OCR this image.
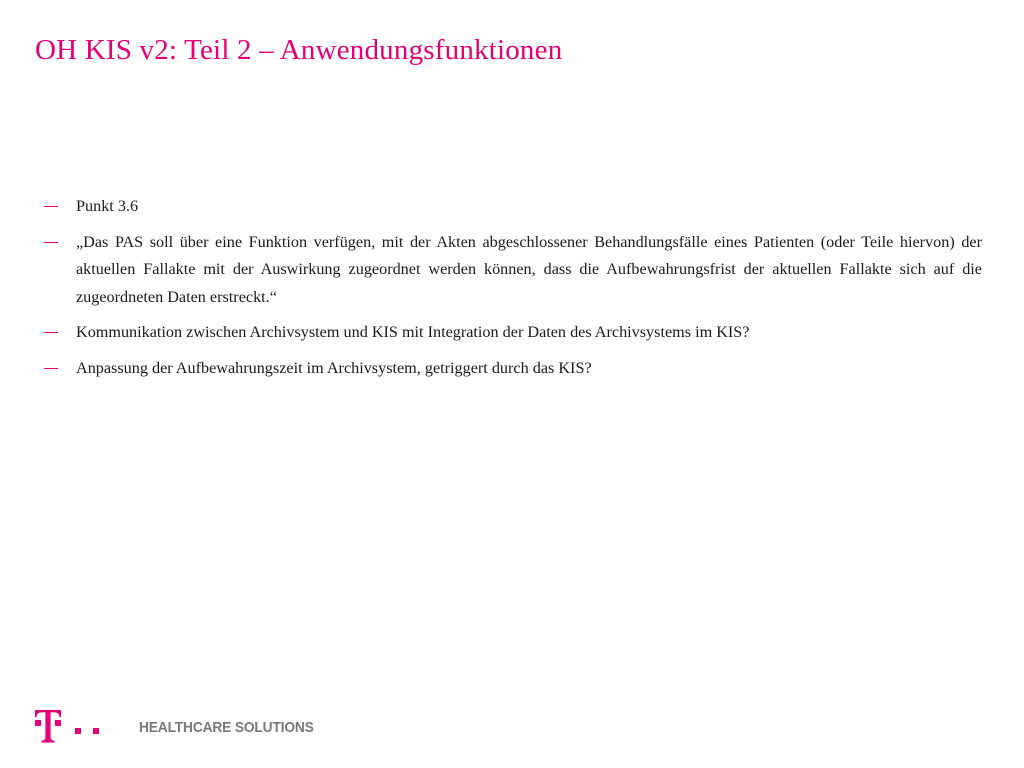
OH KIS v2: Teil 2 – Anwendungsfunktionen
Punkt 3.6
„Das PAS soll über eine Funktion verfügen, mit der Akten abgeschlossener Behandlungsfälle eines Patienten (oder Teile hiervon) der aktuellen Fallakte mit der Auswirkung zugeordnet werden können, dass die Aufbewahrungsfrist der aktuellen Fallakte sich auf die zugeordneten Daten erstreckt.“
Kommunikation zwischen Archivsystem und KIS mit Integration der Daten des Archivsystems im KIS?
Anpassung der Aufbewahrungszeit im Archivsystem, getriggert durch das KIS?
HEALTHCARE SOLUTIONS
